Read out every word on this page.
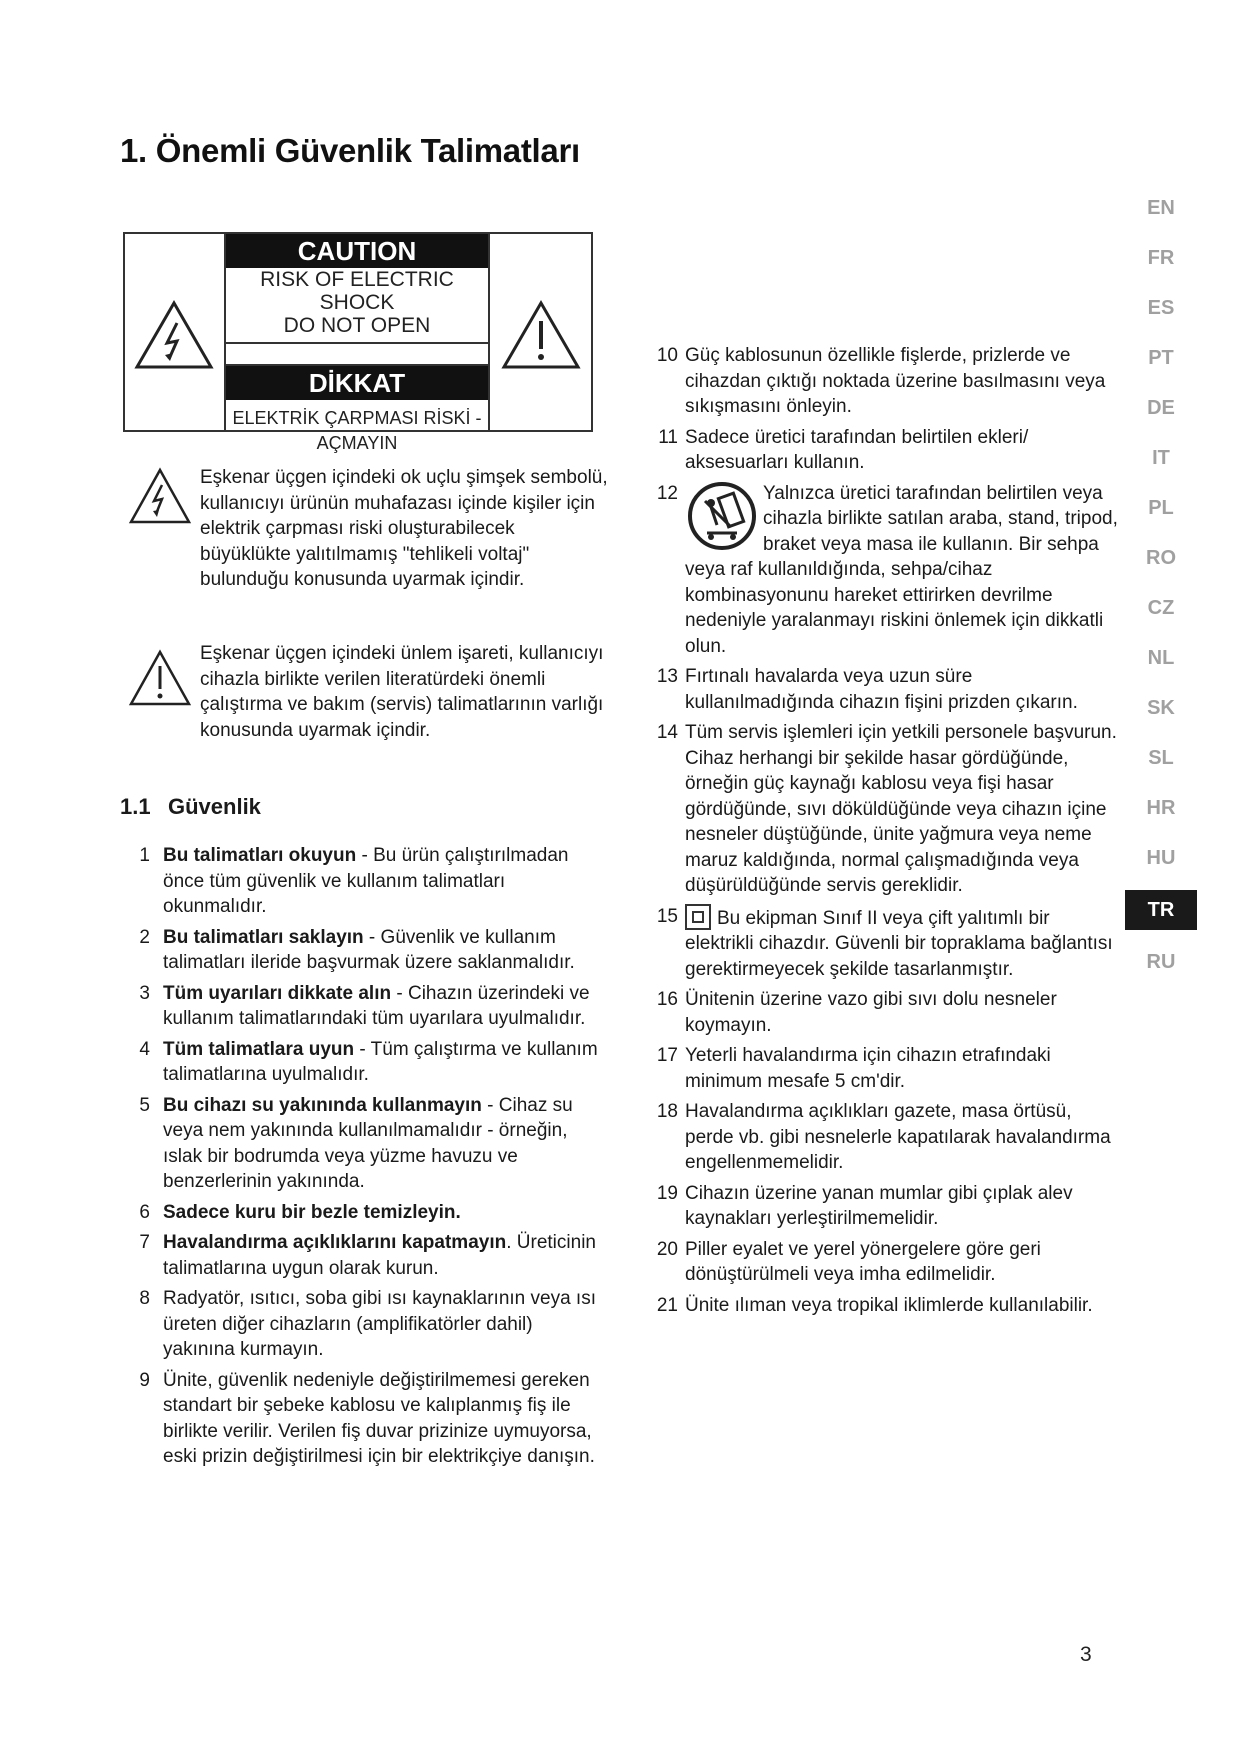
1. Önemli Güvenlik Talimatları
CAUTION
RISK OF ELECTRIC SHOCK
DO NOT OPEN
DİKKAT
ELEKTRİK ÇARPMASI RİSKİ -
AÇMAYIN

Eşkenar üçgen içindeki ok uçlu şimşek sembolü, kullanıcıyı ürünün muhafazası içinde kişiler için elektrik çarpması riski oluşturabilecek büyüklükte yalıtılmamış "tehlikeli voltaj" bulunduğu konusunda uyarmak içindir.

Eşkenar üçgen içindeki ünlem işareti, kullanıcıyı cihazla birlikte verilen literatürdeki önemli çalıştırma ve bakım (servis) talimatlarının varlığı konusunda uyarmak içindir.

1.1 Güvenlik
1 Bu talimatları okuyun - Bu ürün çalıştırılmadan önce tüm güvenlik ve kullanım talimatları okunmalıdır.
2 Bu talimatları saklayın - Güvenlik ve kullanım talimatları ileride başvurmak üzere saklanmalıdır.
3 Tüm uyarıları dikkate alın - Cihazın üzerindeki ve kullanım talimatlarındaki tüm uyarılara uyulmalıdır.
4 Tüm talimatlara uyun - Tüm çalıştırma ve kullanım talimatlarına uyulmalıdır.
5 Bu cihazı su yakınında kullanmayın - Cihaz su veya nem yakınında kullanılmamalıdır - örneğin, ıslak bir bodrumda veya yüzme havuzu ve benzerlerinin yakınında.
6 Sadece kuru bir bezle temizleyin.
7 Havalandırma açıklıklarını kapatmayın. Üreticinin talimatlarına uygun olarak kurun.
8 Radyatör, ısıtıcı, soba gibi ısı kaynaklarının veya ısı üreten diğer cihazların (amplifikatörler dahil) yakınına kurmayın.
9 Ünite, güvenlik nedeniyle değiştirilmemesi gereken standart bir şebeke kablosu ve kalıplanmış fiş ile birlikte verilir. Verilen fiş duvar prizinize uymuyorsa, eski prizin değiştirilmesi için bir elektrikçiye danışın.
10 Güç kablosunun özellikle fişlerde, prizlerde ve cihazdan çıktığı noktada üzerine basılmasını veya sıkışmasını önleyin.
11 Sadece üretici tarafından belirtilen ekleri/ aksesuarları kullanın.
12	Yalnızca üretici tarafından belirtilen veya cihazla birlikte satılan araba, stand, tripod, braket veya masa ile kullanın. Bir sehpa veya raf kullanıldığında, sehpa/cihaz kombinasyonunu hareket ettirirken devrilme nedeniyle yaralanmayı riskini önlemek için dikkatli olun.
13 Fırtınalı havalarda veya uzun süre kullanılmadığında cihazın fişini prizden çıkarın.
14 Tüm servis işlemleri için yetkili personele başvurun. Cihaz herhangi bir şekilde hasar gördüğünde, örneğin güç kaynağı kablosu veya fişi hasar gördüğünde, sıvı döküldüğünde veya cihazın içine nesneler düştüğünde, ünite yağmura veya neme maruz kaldığında, normal çalışmadığında veya düşürüldüğünde servis gereklidir.
15 Bu ekipman Sınıf II veya çift yalıtımlı bir elektrikli cihazdır. Güvenli bir topraklama bağlantısı gerektirmeyecek şekilde tasarlanmıştır.
16 Ünitenin üzerine vazo gibi sıvı dolu nesneler koymayın.
17 Yeterli havalandırma için cihazın etrafındaki minimum mesafe 5 cm'dir.
18 Havalandırma açıklıkları gazete, masa örtüsü, perde vb. gibi nesnelerle kapatılarak havalandırma engellenmemelidir.
19 Cihazın üzerine yanan mumlar gibi çıplak alev kaynakları yerleştirilmemelidir.
20 Piller eyalet ve yerel yönergelere göre geri dönüştürülmeli veya imha edilmelidir.
21 Ünite ılıman veya tropikal iklimlerde kullanılabilir.
EN
FR
ES
PT
DE
IT
PL
RO
CZ
NL
SK
SL
HR
HU
TR
RU
3
